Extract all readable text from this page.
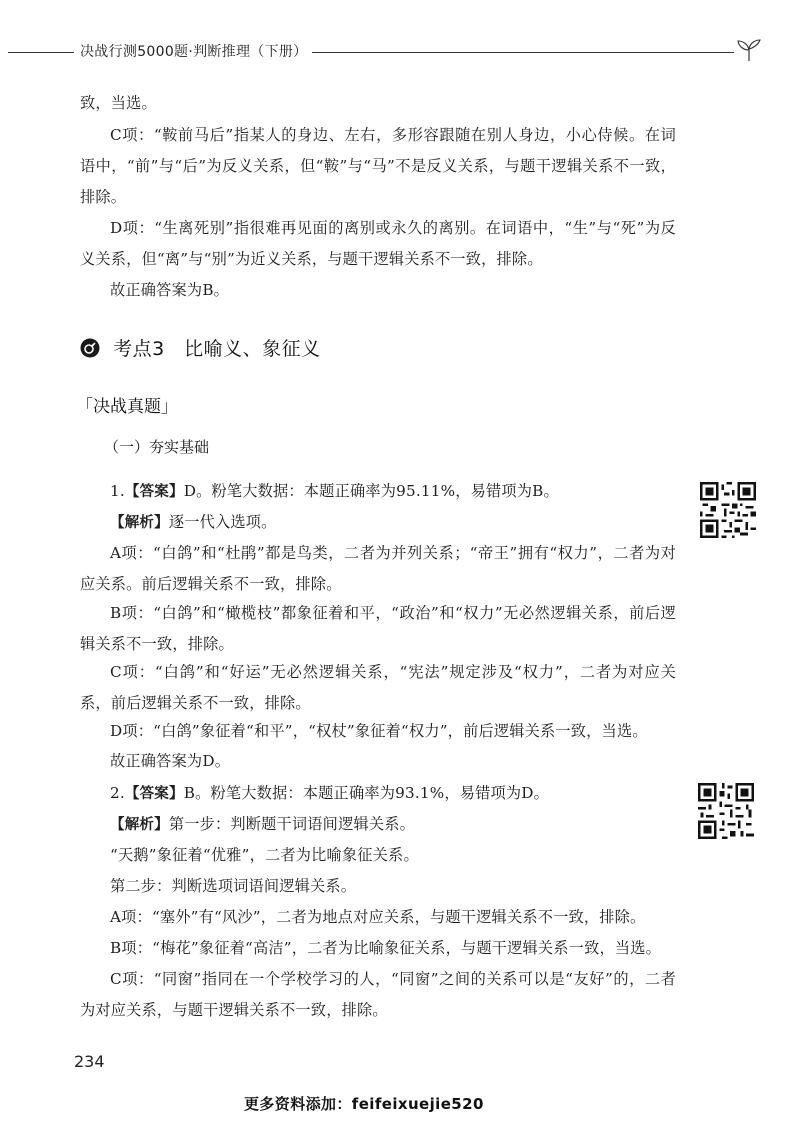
决战行测5000题·判断推理（下册）

致，当选。

C项：“鞍前马后”指某人的身边、左右，多形容跟随在别人身边，小心侍候。在词语中，“前”与“后”为反义关系，但“鞍”与“马”不是反义关系，与题干逻辑关系不一致，排除。

D项：“生离死别”指很难再见面的离别或永久的离别。在词语中，“生”与“死”为反义关系，但“离”与“别”为近义关系，与题干逻辑关系不一致，排除。

故正确答案为B。

考点3　比喻义、象征义
「决战真题」
（一）夯实基础

1.【答案】D。粉笔大数据：本题正确率为95.11%，易错项为B。

【解析】逐一代入选项。

A项：“白鸽”和“杜鹃”都是鸟类，二者为并列关系；“帝王”拥有“权力”，二者为对应关系。前后逻辑关系不一致，排除。

B项：“白鸽”和“橄榄枝”都象征着和平，“政治”和“权力”无必然逻辑关系，前后逻辑关系不一致，排除。

C项：“白鸽”和“好运”无必然逻辑关系，“宪法”规定涉及“权力”，二者为对应关系，前后逻辑关系不一致，排除。

D项：“白鸽”象征着“和平”，“权杖”象征着“权力”，前后逻辑关系一致，当选。

故正确答案为D。

2.【答案】B。粉笔大数据：本题正确率为93.1%，易错项为D。

【解析】第一步：判断题干词语间逻辑关系。

“天鹅”象征着“优雅”，二者为比喻象征关系。

第二步：判断选项词语间逻辑关系。

A项：“塞外”有“风沙”，二者为地点对应关系，与题干逻辑关系不一致，排除。

B项：“梅花”象征着“高洁”，二者为比喻象征关系，与题干逻辑关系一致，当选。

C项：“同窗”指同在一个学校学习的人，“同窗”之间的关系可以是“友好”的，二者为对应关系，与题干逻辑关系不一致，排除。

234
更多资料添加：feifeixuejie520
